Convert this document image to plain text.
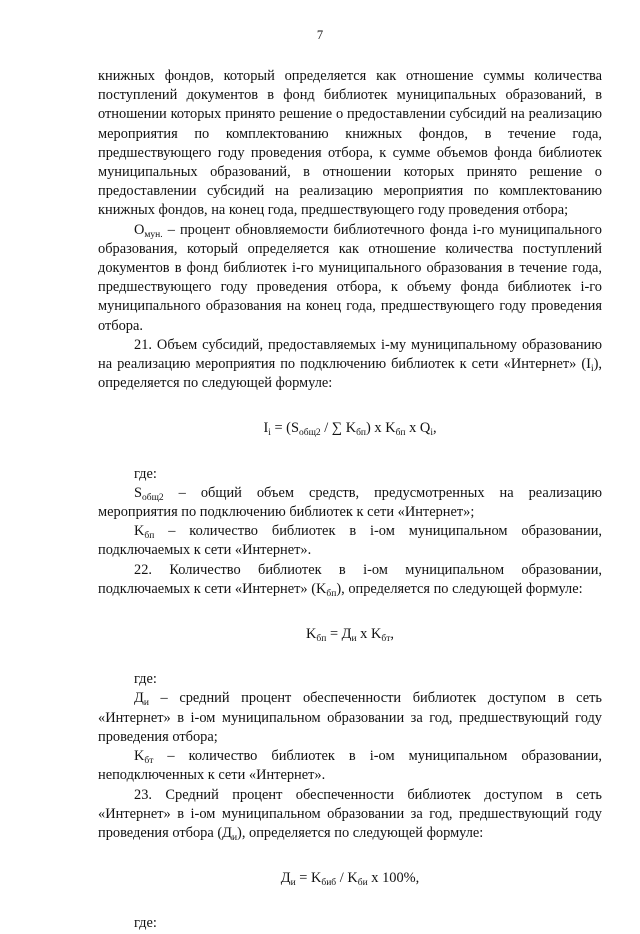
7

книжных фондов, который определяется как отношение суммы количества поступлений документов в фонд библиотек муниципальных образований, в отношении которых принято решение о предоставлении субсидий на реализацию мероприятия по комплектованию книжных фондов, в течение года, предшествующего году проведения отбора, к сумме объемов фонда библиотек муниципальных образований, в отношении которых принято решение о предоставлении субсидий на реализацию мероприятия по комплектованию книжных фондов, на конец года, предшествующего году проведения отбора;

$О_{мун.}$ – процент обновляемости библиотечного фонда i-го муниципального образования, который определяется как отношение количества поступлений документов в фонд библиотек i-го муниципального образования в течение года, предшествующего году проведения отбора, к объему фонда библиотек i-го муниципального образования на конец года, предшествующего году проведения отбора.

21. Объем субсидий, предоставляемых i-му муниципальному образованию на реализацию мероприятия по подключению библиотек к сети «Интернет» $(I_i)$, определяется по следующей формуле:

$I_i = (S_{общ2}$ / ∑ $K_{бп}$) x $K_{бп}$ x $Q_i$,

где:

$S_{общ2}$ – общий объем средств, предусмотренных на реализацию мероприятия по подключению библиотек к сети «Интернет»;

$K_{бп}$ – количество библиотек в i-ом муниципальном образовании, подключаемых к сети «Интернет».

22. Количество библиотек в i-ом муниципальном образовании, подключаемых к сети «Интернет» $(K_{бп})$, определяется по следующей формуле:

$K_{бп} = Д_и$ x $K_{бт}$,

где:

$Д_и$ – средний процент обеспеченности библиотек доступом в сеть «Интернет» в i-ом муниципальном образовании за год, предшествующий году проведения отбора;

$K_{бт}$ – количество библиотек в i-ом муниципальном образовании, неподключенных к сети «Интернет».

23. Средний процент обеспеченности библиотек доступом в сеть «Интернет» в i-ом муниципальном образовании за год, предшествующий году проведения отбора $(Д_и)$, определяется по следующей формуле:

$Д_и = K_{биб} / K_{би}$ x 100%,

где:
